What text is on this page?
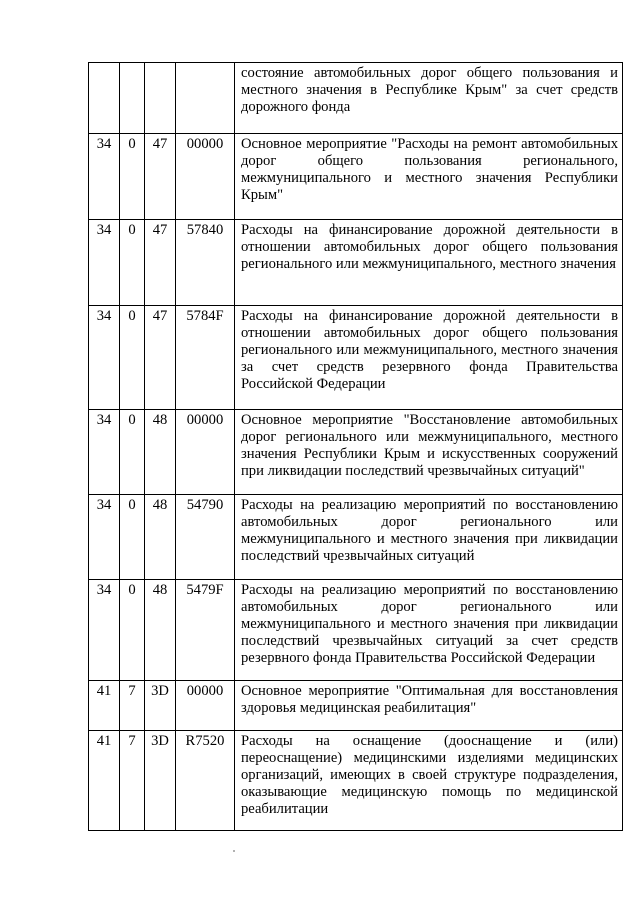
				состояние автомобильных дорог общего пользования и местного значения в Республике Крым" за счет средств дорожного фонда
34	0	47	00000	Основное мероприятие "Расходы на ремонт автомобильных дорог общего пользования регионального, межмуниципального и местного значения Республики Крым"
34	0	47	57840	Расходы на финансирование дорожной деятельности в отношении автомобильных дорог общего пользования регионального или межмуниципального, местного значения
34	0	47	5784F	Расходы на финансирование дорожной деятельности в отношении автомобильных дорог общего пользования регионального или межмуниципального, местного значения за счет средств резервного фонда Правительства Российской Федерации
34	0	48	00000	Основное мероприятие "Восстановление автомобильных дорог регионального или межмуниципального, местного значения Республики Крым и искусственных сооружений при ликвидации последствий чрезвычайных ситуаций"
34	0	48	54790	Расходы на реализацию мероприятий по восстановлению автомобильных дорог регионального или межмуниципального и местного значения при ликвидации последствий чрезвычайных ситуаций
34	0	48	5479F	Расходы на реализацию мероприятий по восстановлению автомобильных дорог регионального или межмуниципального и местного значения при ликвидации последствий чрезвычайных ситуаций за счет средств резервного фонда Правительства Российской Федерации
41	7	3D	00000	Основное мероприятие "Оптимальная для восстановления здоровья медицинская реабилитация"
41	7	3D	R7520	Расходы на оснащение (дооснащение и (или) переоснащение) медицинскими изделиями медицинских организаций, имеющих в своей структуре подразделения, оказывающие медицинскую помощь по медицинской реабилитации
